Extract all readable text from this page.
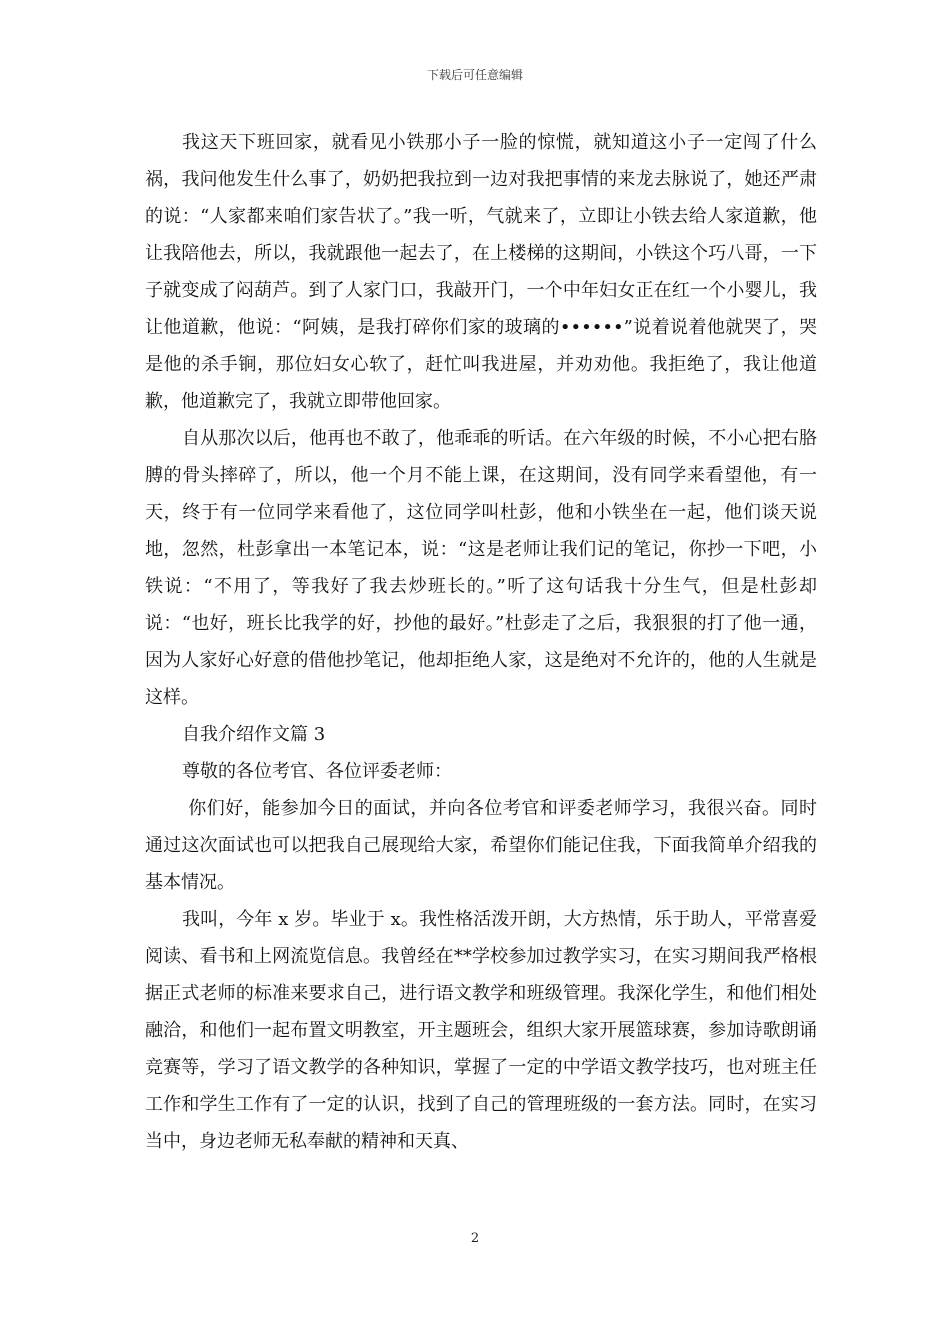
下载后可任意编辑

我这天下班回家，就看见小铁那小子一脸的惊慌，就知道这小子一定闯了什么祸，我问他发生什么事了，奶奶把我拉到一边对我把事情的来龙去脉说了，她还严肃的说：“人家都来咱们家告状了。”我一听，气就来了，立即让小铁去给人家道歉，他让我陪他去，所以，我就跟他一起去了，在上楼梯的这期间，小铁这个巧八哥，一下子就变成了闷葫芦。到了人家门口，我敲开门，一个中年妇女正在红一个小婴儿，我让他道歉，他说：“阿姨，是我打碎你们家的玻璃的••••••”说着说着他就哭了，哭是他的杀手锏，那位妇女心软了，赶忙叫我进屋，并劝劝他。我拒绝了，我让他道歉，他道歉完了，我就立即带他回家。

自从那次以后，他再也不敢了，他乖乖的听话。在六年级的时候，不小心把右胳膊的骨头摔碎了，所以，他一个月不能上课，在这期间，没有同学来看望他，有一天，终于有一位同学来看他了，这位同学叫杜彭，他和小铁坐在一起，他们谈天说地，忽然，杜彭拿出一本笔记本，说：“这是老师让我们记的笔记，你抄一下吧，小铁说：“不用了，等我好了我去炒班长的。”听了这句话我十分生气，但是杜彭却说：“也好，班长比我学的好，抄他的最好。”杜彭走了之后，我狠狠的打了他一通，因为人家好心好意的借他抄笔记，他却拒绝人家，这是绝对不允许的，他的人生就是这样。

自我介绍作文篇 3

尊敬的各位考官、各位评委老师：

你们好，能参加今日的面试，并向各位考官和评委老师学习，我很兴奋。同时通过这次面试也可以把我自己展现给大家，希望你们能记住我，下面我简单介绍我的基本情况。

我叫，今年 x 岁。毕业于 x。我性格活泼开朗，大方热情，乐于助人，平常喜爱阅读、看书和上网流览信息。我曾经在**学校参加过教学实习，在实习期间我严格根据正式老师的标准来要求自己，进行语文教学和班级管理。我深化学生，和他们相处融洽，和他们一起布置文明教室，开主题班会，组织大家开展篮球赛，参加诗歌朗诵竞赛等，学习了语文教学的各种知识，掌握了一定的中学语文教学技巧，也对班主任工作和学生工作有了一定的认识，找到了自己的管理班级的一套方法。同时，在实习当中，身边老师无私奉献的精神和天真、

2
